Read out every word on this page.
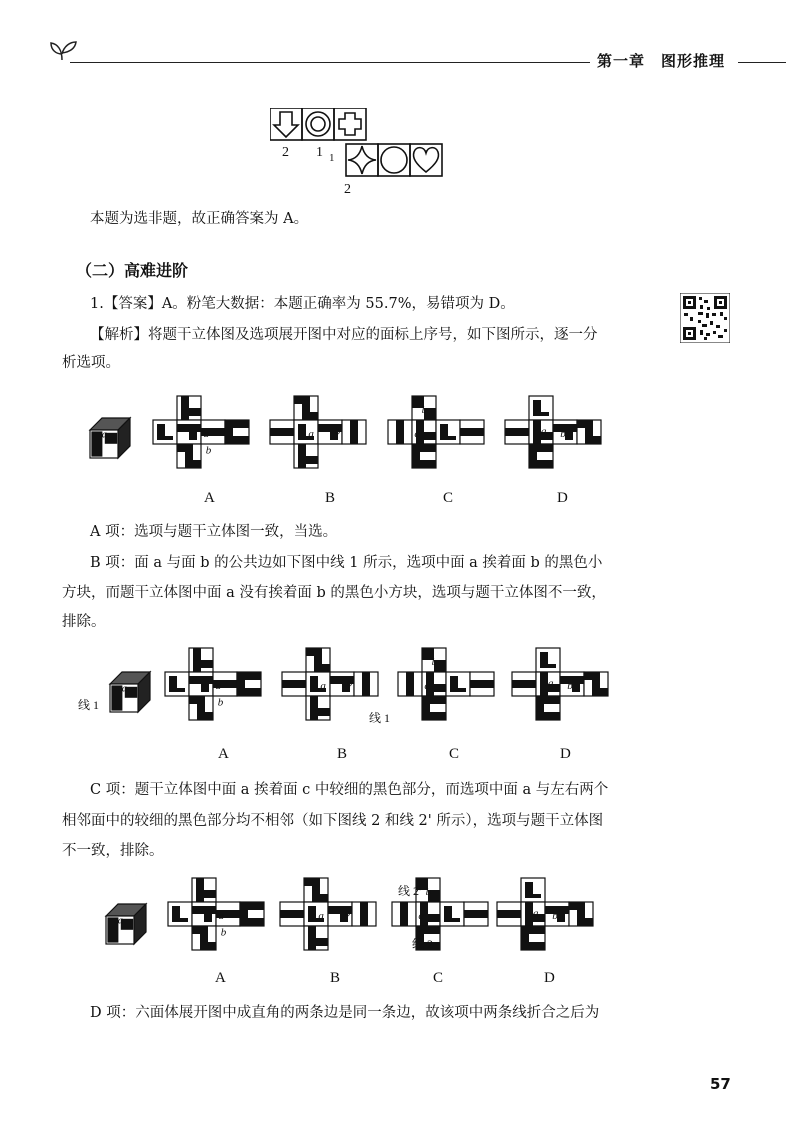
第一章　图形推理
2 1 1
2
本题为选非题，故正确答案为 A。
（二）高难进阶
1.【答案】A。粉笔大数据：本题正确率为 55.7%，易错项为 D。
【解析】将题干立体图及选项展开图中对应的面标上序号，如下图所示，逐一分
析选项。
a	c a
b
a b
b
a	a b
a
c a
b
a b
b
a	a b
a
c a
b
a b
b
a	a b
A	B	C	D
A 项：选项与题干立体图一致，当选。
B 项：面 a 与面 b 的公共边如下图中线 1 所示，选项中面 a 挨着面 b 的黑色小
方块，而题干立体图中面 a 没有挨着面 b 的黑色小方块，选项与题干立体图不一致，
排除。
线 1
线 1
A	B	C	D
C 项：题干立体图中面 a 挨着面 c 中较细的黑色部分，而选项中面 a 与左右两个
相邻面中的较细的黑色部分均不相邻（如下图线 2 和线 2' 所示），选项与题干立体图
不一致，排除。
线 2'
线 2
A	B	C	D
D 项：六面体展开图中成直角的两条边是同一条边，故该项中两条线折合之后为
57
